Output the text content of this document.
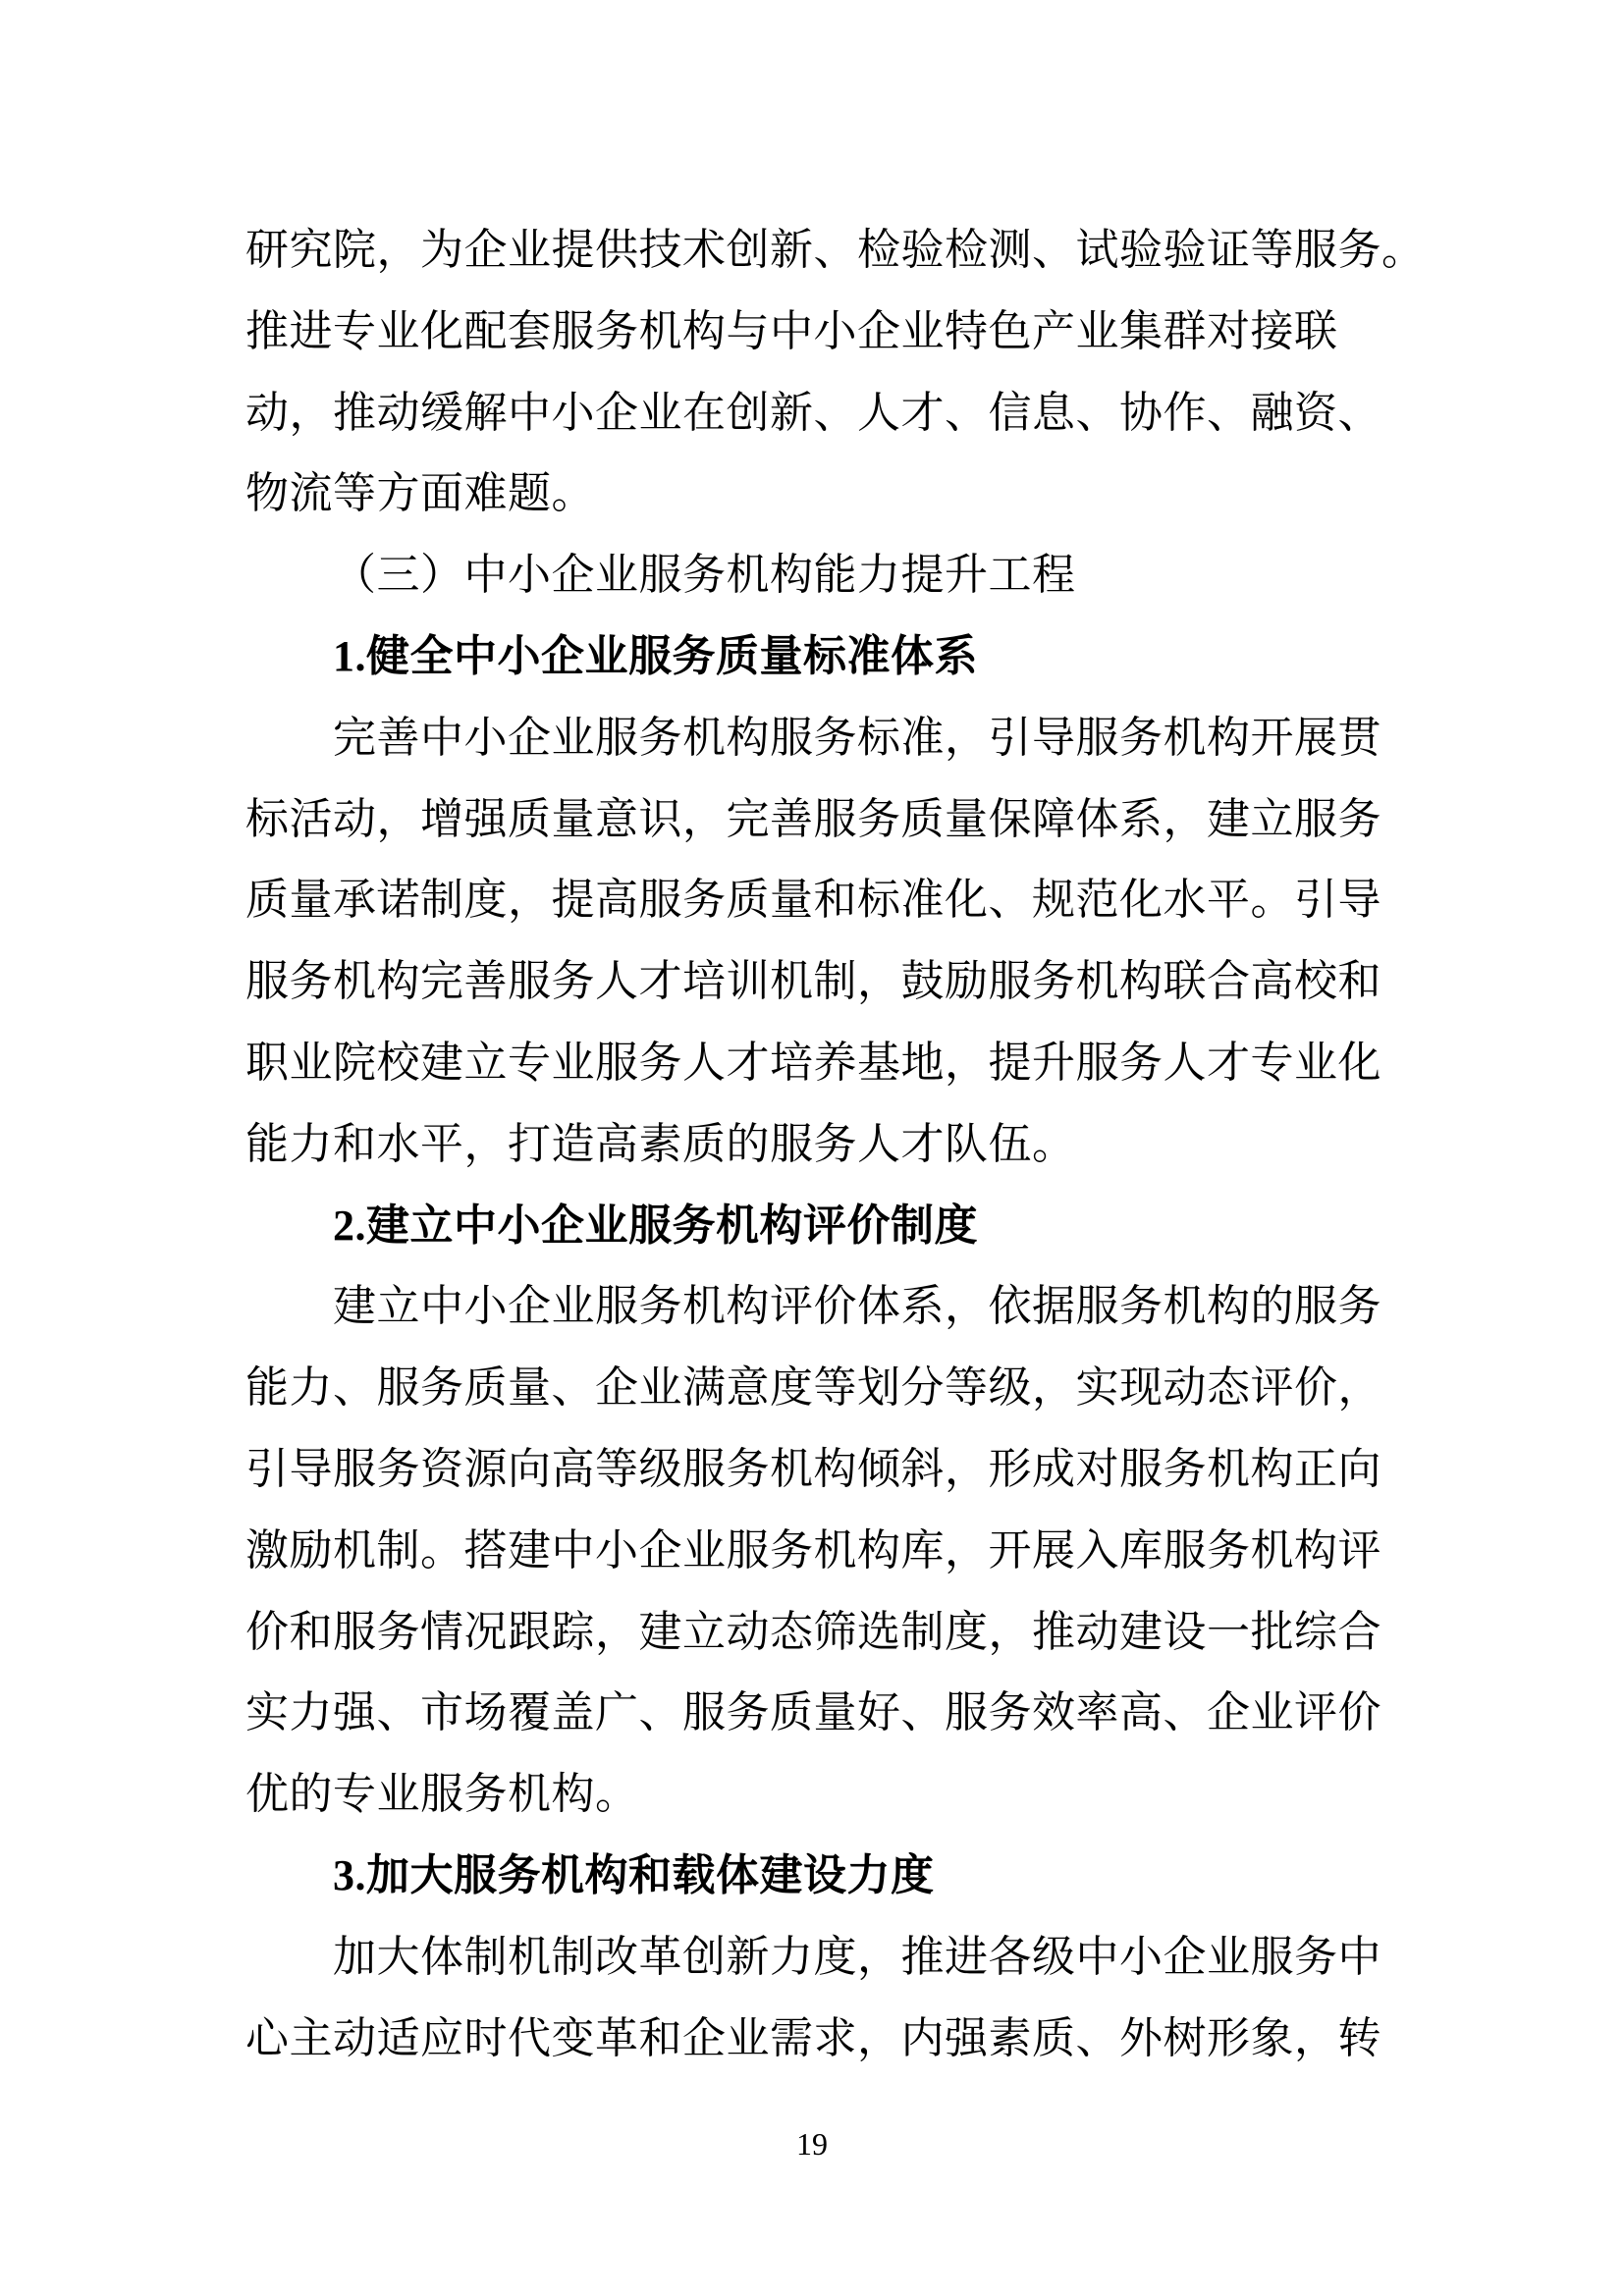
研究院，为企业提供技术创新、检验检测、试验验证等服务。
推进专业化配套服务机构与中小企业特色产业集群对接联
动，推动缓解中小企业在创新、人才、信息、协作、融资、
物流等方面难题。
（三）中小企业服务机构能力提升工程
1.健全中小企业服务质量标准体系
完善中小企业服务机构服务标准，引导服务机构开展贯
标活动，增强质量意识，完善服务质量保障体系，建立服务
质量承诺制度，提高服务质量和标准化、规范化水平。引导
服务机构完善服务人才培训机制，鼓励服务机构联合高校和
职业院校建立专业服务人才培养基地，提升服务人才专业化
能力和水平，打造高素质的服务人才队伍。
2.建立中小企业服务机构评价制度
建立中小企业服务机构评价体系，依据服务机构的服务
能力、服务质量、企业满意度等划分等级，实现动态评价，
引导服务资源向高等级服务机构倾斜，形成对服务机构正向
激励机制。搭建中小企业服务机构库，开展入库服务机构评
价和服务情况跟踪，建立动态筛选制度，推动建设一批综合
实力强、市场覆盖广、服务质量好、服务效率高、企业评价
优的专业服务机构。
3.加大服务机构和载体建设力度
加大体制机制改革创新力度，推进各级中小企业服务中
心主动适应时代变革和企业需求，内强素质、外树形象，转
19
